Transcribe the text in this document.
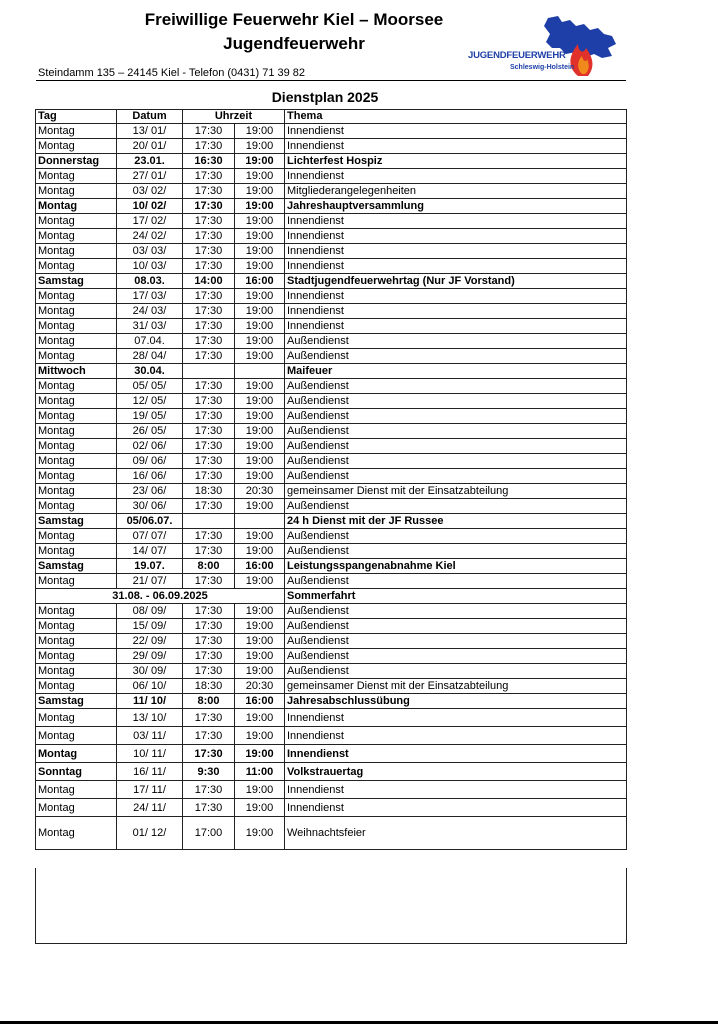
Freiwillige Feuerwehr Kiel – Moorsee
Jugendfeuerwehr
Steindamm 135 – 24145 Kiel - Telefon (0431) 71 39 82
JUGENDFEUERWEHR
Schleswig-Holstein
Dienstplan 2025
Tag	Datum	Uhrzeit		Thema
Montag	13/ 01/	17:30	19:00	Innendienst
Montag	20/ 01/	17:30	19:00	Innendienst
Donnerstag	23.01.	16:30	19:00	Lichterfest Hospiz
Montag	27/ 01/	17:30	19:00	Innendienst
Montag	03/ 02/	17:30	19:00	Mitgliederangelegenheiten
Montag	10/ 02/	17:30	19:00	Jahreshauptversammlung
Montag	17/ 02/	17:30	19:00	Innendienst
Montag	24/ 02/	17:30	19:00	Innendienst
Montag	03/ 03/	17:30	19:00	Innendienst
Montag	10/ 03/	17:30	19:00	Innendienst
Samstag	08.03.	14:00	16:00	Stadtjugendfeuerwehrtag (Nur JF Vorstand)
Montag	17/ 03/	17:30	19:00	Innendienst
Montag	24/ 03/	17:30	19:00	Innendienst
Montag	31/ 03/	17:30	19:00	Innendienst
Montag	07.04.	17:30	19:00	Außendienst
Montag	28/ 04/	17:30	19:00	Außendienst
Mittwoch	30.04.			Maifeuer
Montag	05/ 05/	17:30	19:00	Außendienst
Montag	12/ 05/	17:30	19:00	Außendienst
Montag	19/ 05/	17:30	19:00	Außendienst
Montag	26/ 05/	17:30	19:00	Außendienst
Montag	02/ 06/	17:30	19:00	Außendienst
Montag	09/ 06/	17:30	19:00	Außendienst
Montag	16/ 06/	17:30	19:00	Außendienst
Montag	23/ 06/	18:30	20:30	gemeinsamer Dienst mit der Einsatzabteilung
Montag	30/ 06/	17:30	19:00	Außendienst
Samstag	05/06.07.			24 h Dienst mit der JF Russee
Montag	07/ 07/	17:30	19:00	Außendienst
Montag	14/ 07/	17:30	19:00	Außendienst
Samstag	19.07.	8:00	16:00	Leistungsspangenabnahme Kiel
Montag	21/ 07/	17:30	19:00	Außendienst
31.08. - 06.09.2025				Sommerfahrt
Montag	08/ 09/	17:30	19:00	Außendienst
Montag	15/ 09/	17:30	19:00	Außendienst
Montag	22/ 09/	17:30	19:00	Außendienst
Montag	29/ 09/	17:30	19:00	Außendienst
Montag	30/ 09/	17:30	19:00	Außendienst
Montag	06/ 10/	18:30	20:30	gemeinsamer Dienst mit der Einsatzabteilung
Samstag	11/ 10/	8:00	16:00	Jahresabschlussübung
Montag	13/ 10/	17:30	19:00	Innendienst
Montag	03/ 11/	17:30	19:00	Innendienst
Montag	10/ 11/	17:30	19:00	Innendienst
Sonntag	16/ 11/	9:30	11:00	Volkstrauertag
Montag	17/ 11/	17:30	19:00	Innendienst
Montag	24/ 11/	17:30	19:00	Innendienst
Montag	01/ 12/	17:00	19:00	Weihnachtsfeier
